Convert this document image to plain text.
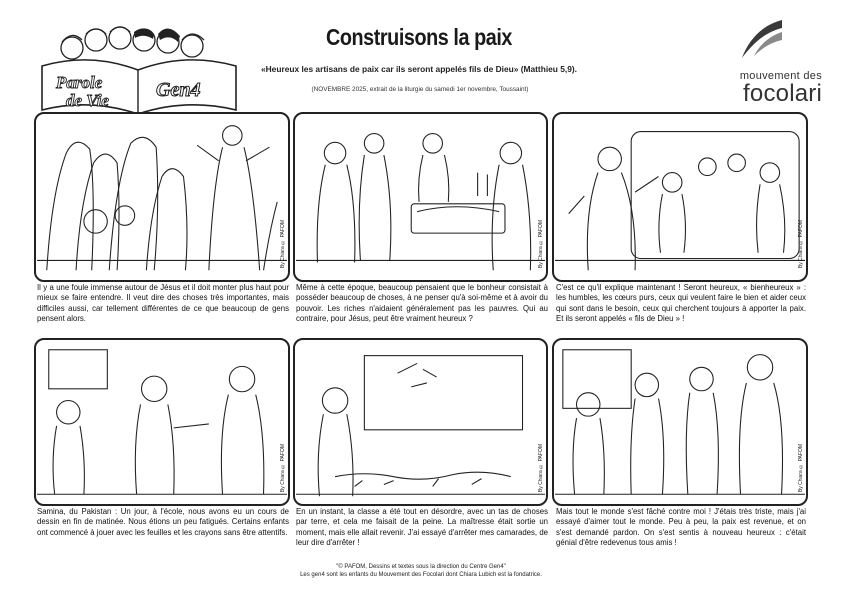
Parole
de Vie Gen4
Construisons la paix
«Heureux les artisans de paix car ils seront appelés fils de Dieu» (Matthieu 5,9).
(NOVEMBRE 2025, extrait de la liturgie du samedi 1er novembre, Toussaint)
mouvement des
focolari
By Chiara © PAFOM	By Chiara © PAFOM	By Chiara © PAFOM
Il y a une foule immense autour de Jésus et il doit monter plus haut pour mieux se faire entendre. Il veut dire des choses très importantes, mais difficiles aussi, car tellement différentes de ce que beaucoup de gens pensent alors.
Même à cette époque, beaucoup pensaient que le bonheur consistait à posséder beaucoup de choses, à ne penser qu'à soi-même et à avoir du pouvoir. Les riches n'aidaient généralement pas les pauvres. Qui au contraire, pour Jésus, peut être vraiment heureux ?
C'est ce qu'il explique maintenant ! Seront heureux, « bienheureux » : les humbles, les cœurs purs, ceux qui veulent faire le bien et aider ceux qui sont dans le besoin, ceux qui cherchent toujours à apporter la paix. Et ils seront appelés « fils de Dieu » !
By Chiara © PAFOM	By Chiara © PAFOM	By Chiara © PAFOM
Samina, du Pakistan : Un jour, à l'école, nous avons eu un cours de dessin en fin de matinée. Nous étions un peu fatigués. Certains enfants ont commencé à jouer avec les feuilles et les crayons sans être attentifs.
En un instant, la classe a été tout en désordre, avec un tas de choses par terre, et cela me faisait de la peine. La maîtresse était sortie un moment, mais elle allait revenir. J'ai essayé d'arrêter mes camarades, de leur dire d'arrêter !
Mais tout le monde s'est fâché contre moi ! J'étais très triste, mais j'ai essayé d'aimer tout le monde. Peu à peu, la paix est revenue, et on s'est demandé pardon. On s'est sentis à nouveau heureux : c'était génial d'être redevenus tous amis !
"© PAFOM, Dessins et textes sous la direction du Centre Gen4"
Les gen4 sont les enfants du Mouvement des Focolari dont Chiara Lubich est la fondatrice.
